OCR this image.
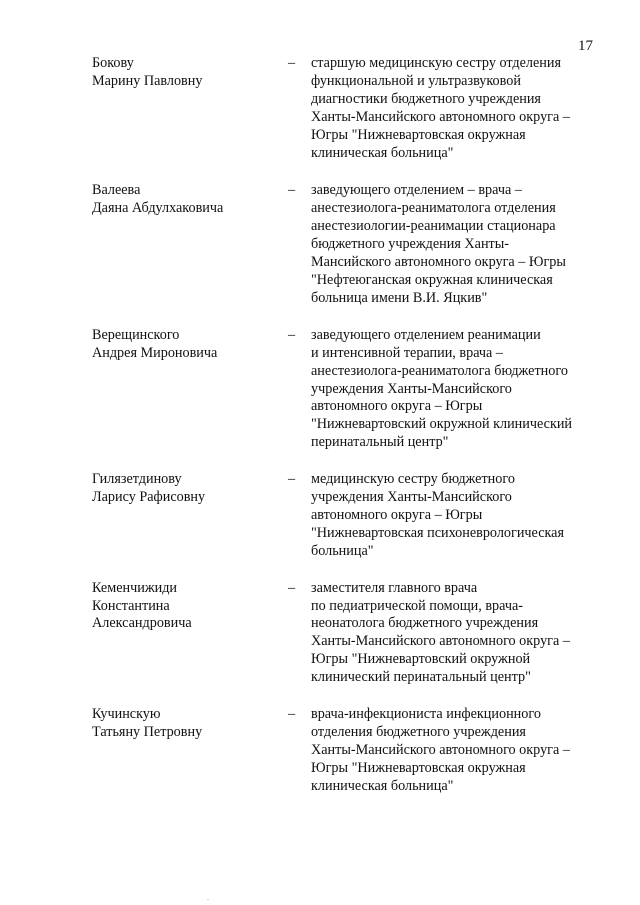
17
Бокову
Марину Павловну
– старшую медицинскую сестру отделения
функциональной и ультразвуковой
диагностики бюджетного учреждения
Ханты-Мансийского автономного округа –
Югры "Нижневартовская окружная
клиническая больница"
Валеева
Даяна Абдулхаковича
– заведующего отделением – врача –
анестезиолога-реаниматолога отделения
анестезиологии-реанимации стационара
бюджетного учреждения Ханты-
Мансийского автономного округа – Югры
"Нефтеюганская окружная клиническая
больница имени В.И. Яцкив"
Верещинского
Андрея Мироновича
– заведующего отделением реанимации
и интенсивной терапии, врача –
анестезиолога-реаниматолога бюджетного
учреждения Ханты-Мансийского
автономного округа – Югры
"Нижневартовский окружной клинический
перинатальный центр"
Гилязетдинову
Ларису Рафисовну
– медицинскую сестру бюджетного
учреждения Ханты-Мансийского
автономного округа – Югры
"Нижневартовская психоневрологическая
больница"
Кеменчижиди
Константина
Александровича
– заместителя главного врача
по педиатрической помощи, врача-
неонатолога бюджетного учреждения
Ханты-Мансийского автономного округа –
Югры "Нижневартовский окружной
клинический перинатальный центр"
Кучинскую
Татьяну Петровну
– врача-инфекциониста инфекционного
отделения бюджетного учреждения
Ханты-Мансийского автономного округа –
Югры "Нижневартовская окружная
клиническая больница"
.
